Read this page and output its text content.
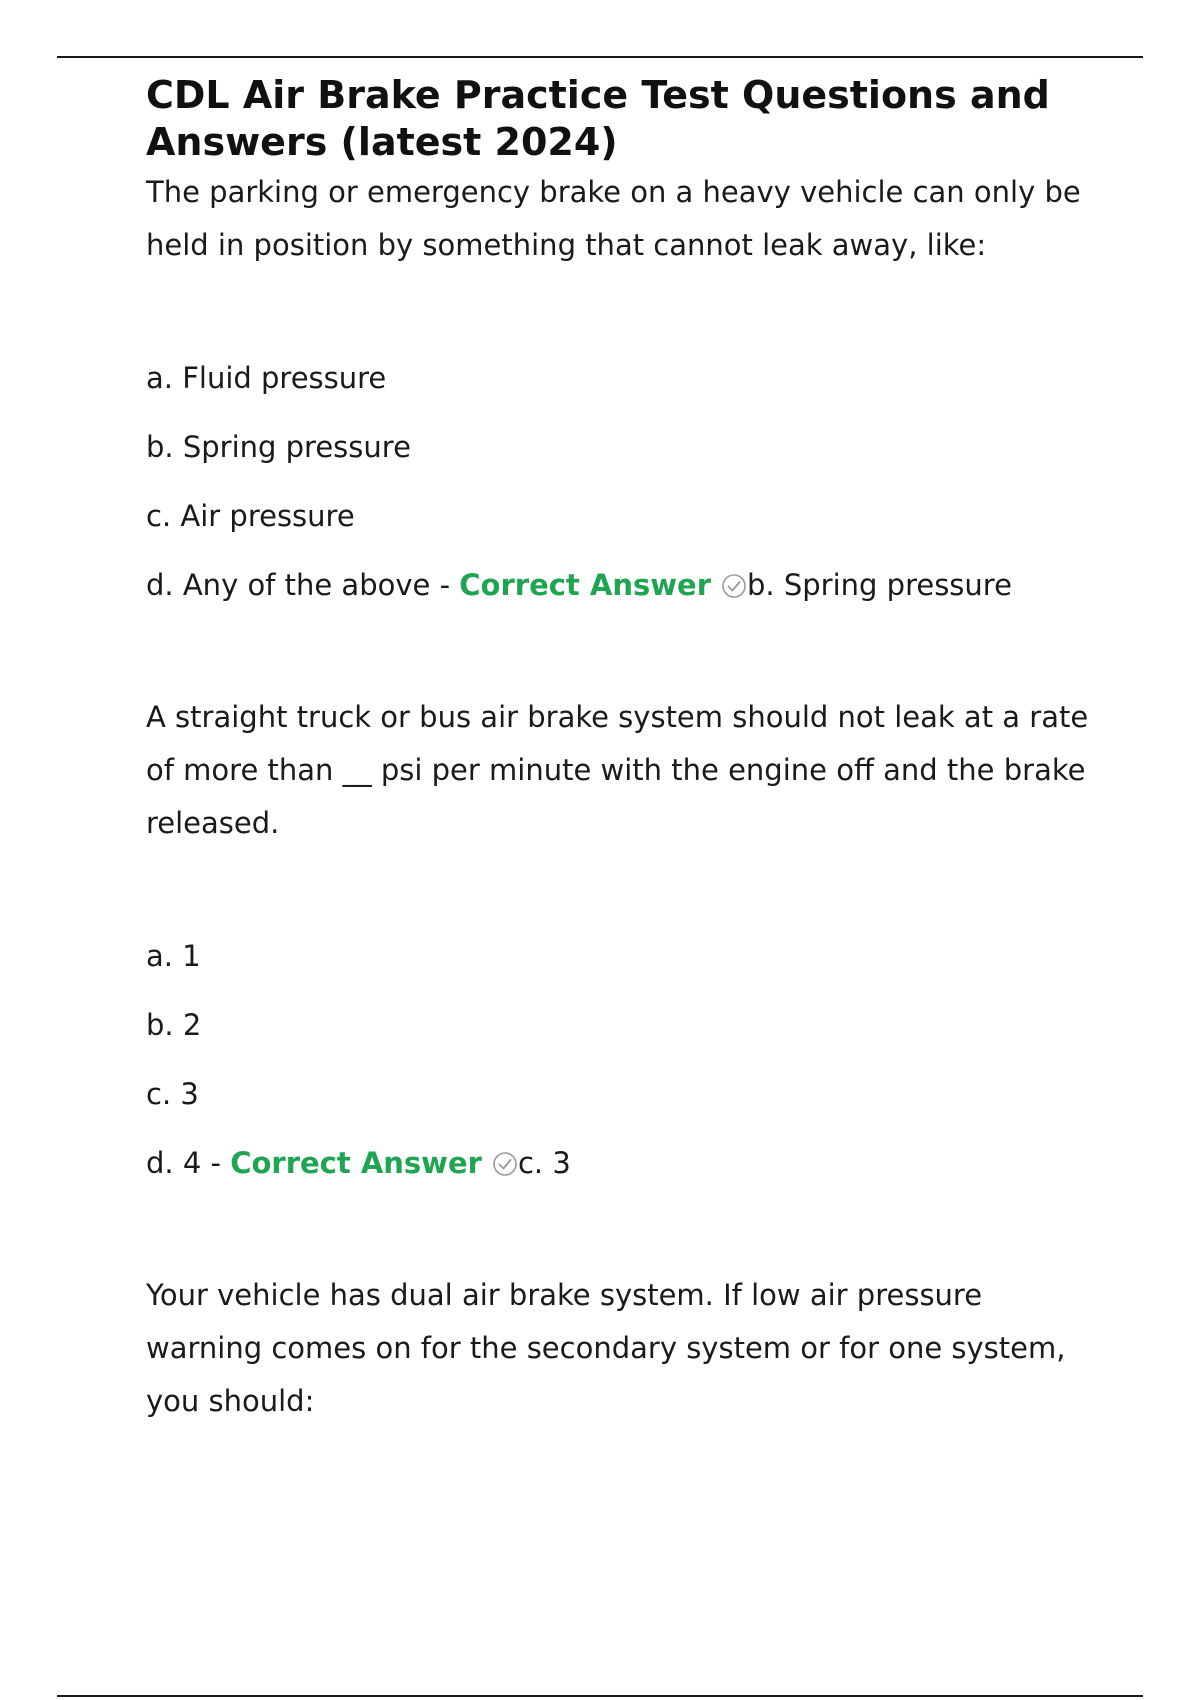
CDL Air Brake Practice Test Questions and Answers (latest 2024)

The parking or emergency brake on a heavy vehicle can only be held in position by something that cannot leak away, like:

a. Fluid pressure
b. Spring pressure
c. Air pressure
d. Any of the above - Correct Answer b. Spring pressure

A straight truck or bus air brake system should not leak at a rate of more than __ psi per minute with the engine off and the brake released.

a. 1
b. 2
c. 3
d. 4 - Correct Answer c. 3

Your vehicle has dual air brake system. If low air pressure warning comes on for the secondary system or for one system, you should:
